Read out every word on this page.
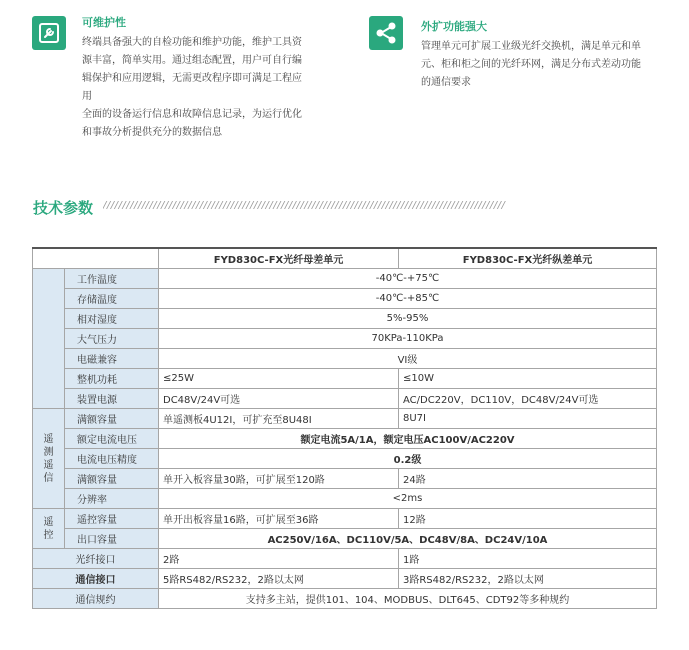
可维护性
终端具备强大的自检功能和维护功能，维护工具资
源丰富，简单实用。通过组态配置，用户可自行编
辑保护和应用逻辑，无需更改程序即可满足工程应
用
全面的设备运行信息和故障信息记录，为运行优化
和事故分析提供充分的数据信息
外扩功能强大
管理单元可扩展工业级光纤交换机，满足单元和单
元、柜和柜之间的光纤环网，满足分布式差动功能
的通信要求
技术参数 ////////////////////////////////////////////////////////////////////////////////////////////////////////
		FYD830C-FX光纤母差单元	FYD830C-FX光纤纵差单元
	工作温度	-40℃-+75℃	
	存储温度	-40℃-+85℃	
	相对湿度	5%-95%	
	大气压力	70KPa-110KPa	
	电磁兼容	VI级	
	整机功耗	≤25W	≤10W
	装置电源	DC48V/24V可选	AC/DC220V，DC110V，DC48V/24V可选
遥测遥信	满额容量	单遥测板4U12I，可扩充至8U48I	8U7I
	额定电流电压	额定电流5A/1A，额定电压AC100V/AC220V	
	电流电压精度	0.2级	
	满额容量	单开入板容量30路，可扩展至120路	24路
	分辨率	<2ms	
遥控	遥控容量	单开出板容量16路，可扩展至36路	12路
	出口容量	AC250V/16A、DC110V/5A、DC48V/8A、DC24V/10A	
光纤接口		2路	1路
通信接口		5路RS482/RS232，2路以太网	3路RS482/RS232，2路以太网
通信规约		支持多主站，提供101、104、MODBUS、DLT645、CDT92等多种规约	
